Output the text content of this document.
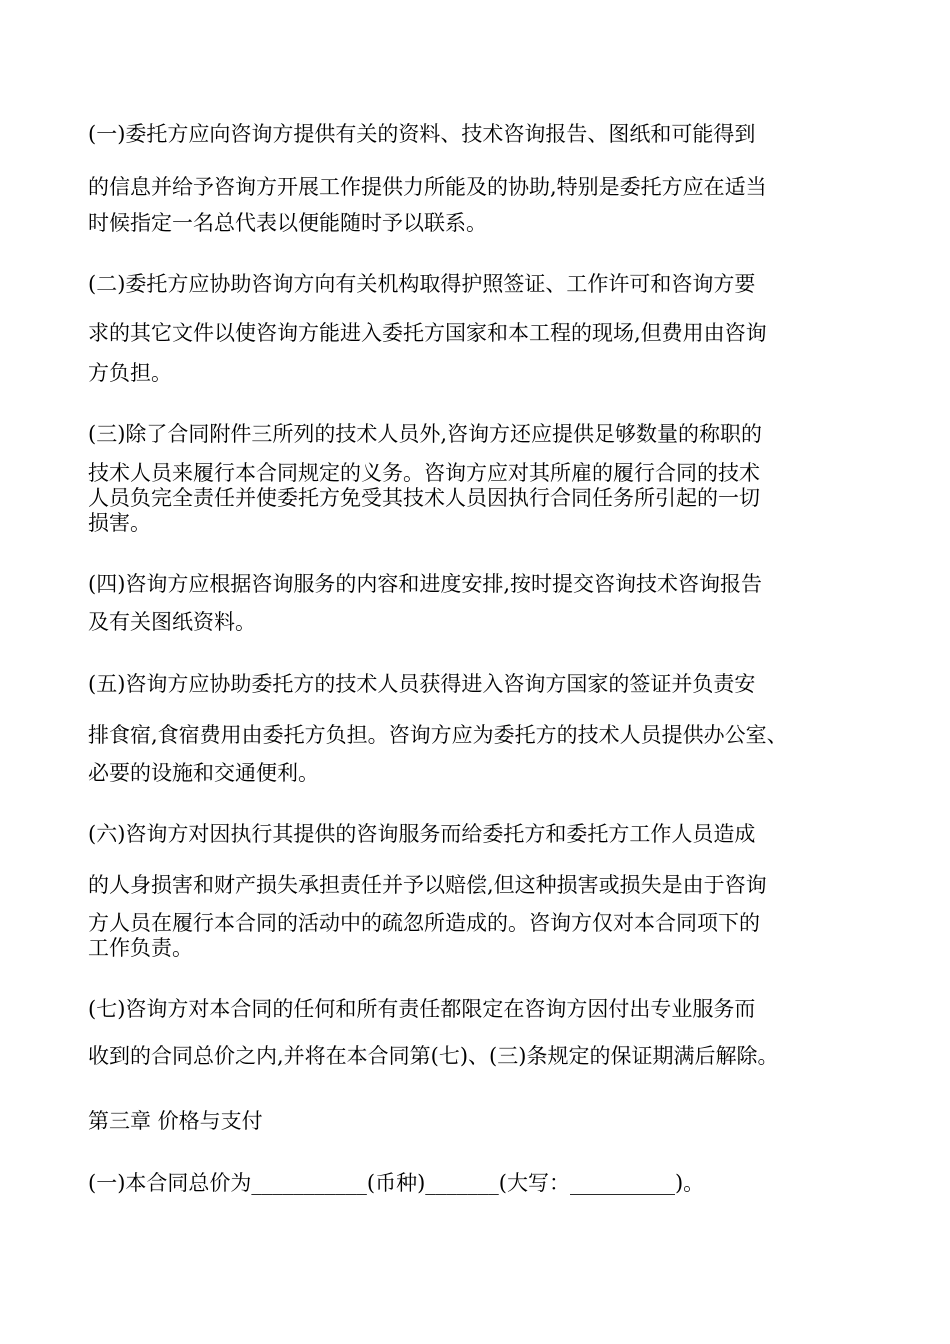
(一)委托方应向咨询方提供有关的资料、技术咨询报告、图纸和可能得到
的信息并给予咨询方开展工作提供力所能及的协助,特别是委托方应在适当
时候指定一名总代表以便能随时予以联系。
(二)委托方应协助咨询方向有关机构取得护照签证、工作许可和咨询方要
求的其它文件以使咨询方能进入委托方国家和本工程的现场,但费用由咨询
方负担。
(三)除了合同附件三所列的技术人员外,咨询方还应提供足够数量的称职的
技术人员来履行本合同规定的义务。咨询方应对其所雇的履行合同的技术
人员负完全责任并使委托方免受其技术人员因执行合同任务所引起的一切
损害。
(四)咨询方应根据咨询服务的内容和进度安排,按时提交咨询技术咨询报告
及有关图纸资料。
(五)咨询方应协助委托方的技术人员获得进入咨询方国家的签证并负责安
排食宿,食宿费用由委托方负担。咨询方应为委托方的技术人员提供办公室、
必要的设施和交通便利。
(六)咨询方对因执行其提供的咨询服务而给委托方和委托方工作人员造成
的人身损害和财产损失承担责任并予以赔偿,但这种损害或损失是由于咨询
方人员在履行本合同的活动中的疏忽所造成的。咨询方仅对本合同项下的
工作负责。
(七)咨询方对本合同的任何和所有责任都限定在咨询方因付出专业服务而
收到的合同总价之内,并将在本合同第(七)、(三)条规定的保证期满后解除。
第三章 价格与支付
(一)本合同总价为___________(币种)_______(大写：__________)。
